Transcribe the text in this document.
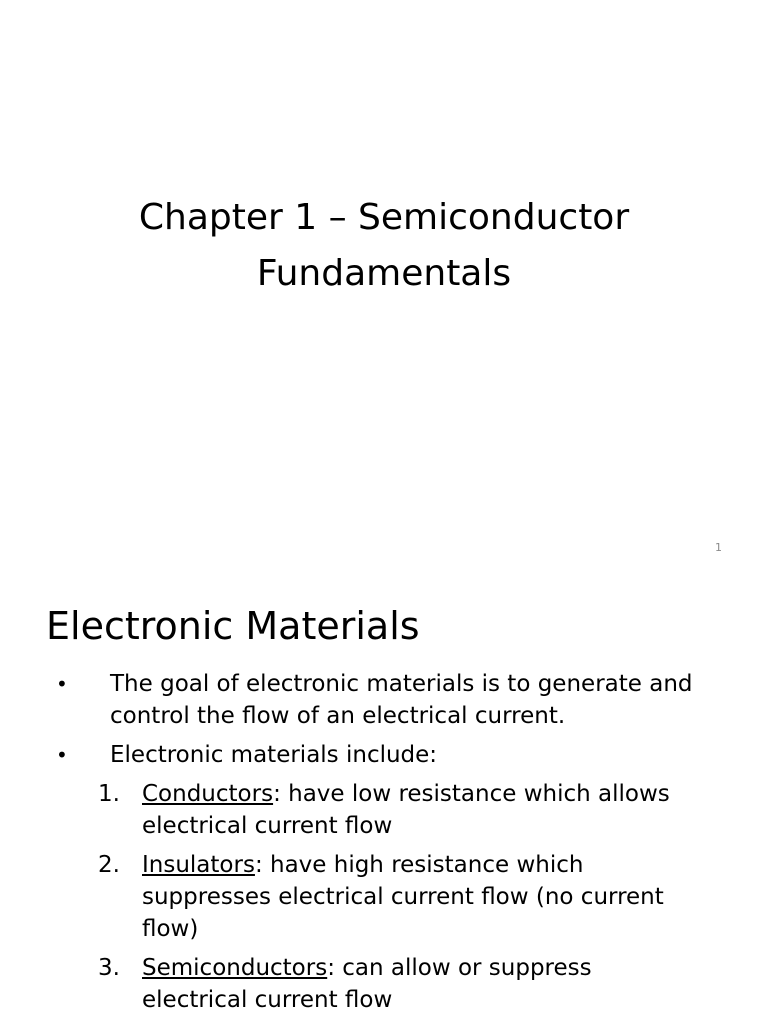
Chapter 1 – Semiconductor
Fundamentals
1
Electronic Materials
• The goal of electronic materials is to generate and control the flow of an electrical current.
• Electronic materials include:
1. Conductors: have low resistance which allows electrical current flow
2. Insulators: have high resistance which suppresses electrical current flow (no current flow)
3. Semiconductors: can allow or suppress electrical current flow
